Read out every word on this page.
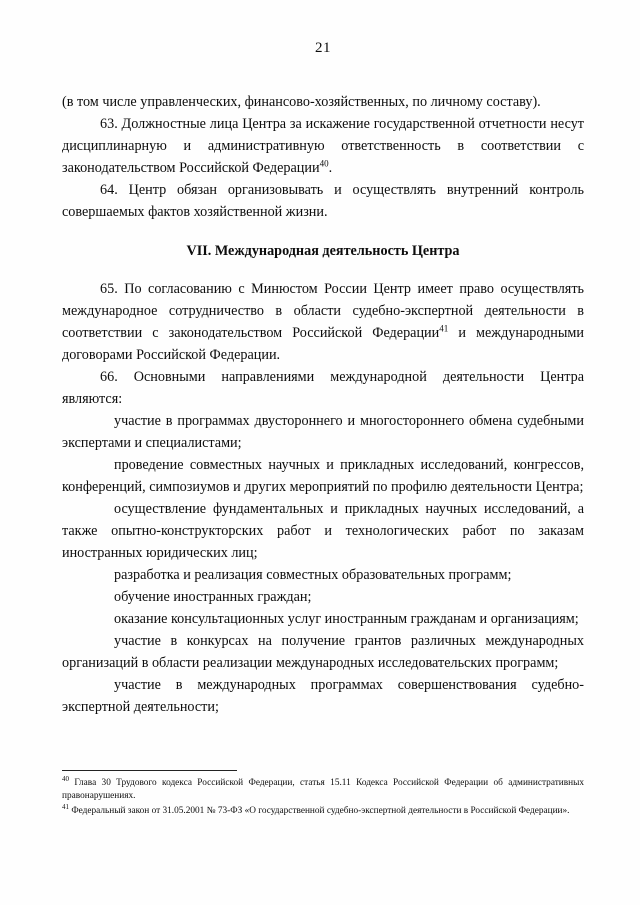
21

(в том числе управленческих, финансово-хозяйственных, по личному составу).

63. Должностные лица Центра за искажение государственной отчетности несут дисциплинарную и административную ответственность в соответствии с законодательством Российской Федерации$^{40}$.

64. Центр обязан организовывать и осуществлять внутренний контроль совершаемых фактов хозяйственной жизни.

VII. Международная деятельность Центра

65. По согласованию с Минюстом России Центр имеет право осуществлять международное сотрудничество в области судебно-экспертной деятельности в соответствии с законодательством Российской Федерации$^{41}$ и международными договорами Российской Федерации.

66. Основными направлениями международной деятельности Центра являются:

участие в программах двустороннего и многостороннего обмена судебными экспертами и специалистами;

проведение совместных научных и прикладных исследований, конгрессов, конференций, симпозиумов и других мероприятий по профилю деятельности Центра;

осуществление фундаментальных и прикладных научных исследований, а также опытно-конструкторских работ и технологических работ по заказам иностранных юридических лиц;

разработка и реализация совместных образовательных программ;

обучение иностранных граждан;

оказание консультационных услуг иностранным гражданам и организациям;

участие в конкурсах на получение грантов различных международных организаций в области реализации международных исследовательских программ;

участие в международных программах совершенствования судебно-экспертной деятельности;

$^{40}$ Глава 30 Трудового кодекса Российской Федерации, статья 15.11 Кодекса Российской Федерации об административных правонарушениях.

$^{41}$ Федеральный закон от 31.05.2001 № 73-ФЗ «О государственной судебно-экспертной деятельности в Российской Федерации».
